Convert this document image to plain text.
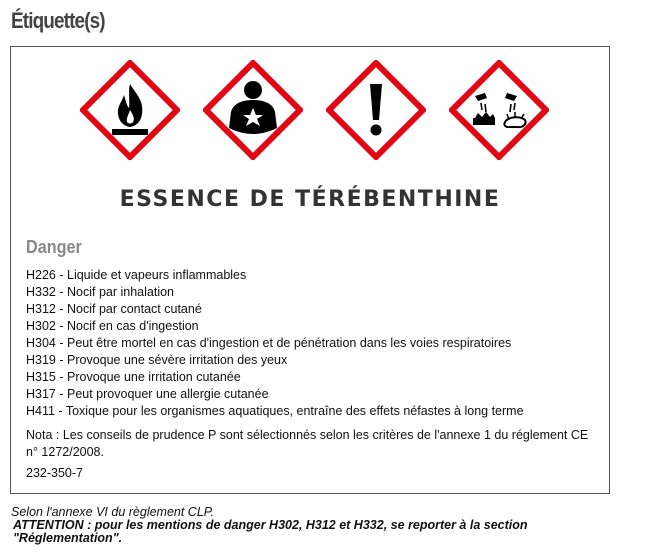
Étiquette(s)
ESSENCE DE TÉRÉBENTHINE
Danger
H226 - Liquide et vapeurs inflammables
H332 - Nocif par inhalation
H312 - Nocif par contact cutané
H302 - Nocif en cas d'ingestion
H304 - Peut être mortel en cas d'ingestion et de pénétration dans les voies respiratoires
H319 - Provoque une sévère irritation des yeux
H315 - Provoque une irritation cutanée
H317 - Peut provoquer une allergie cutanée
H411 - Toxique pour les organismes aquatiques, entraîne des effets néfastes à long terme
Nota : Les conseils de prudence P sont sélectionnés selon les critères de l'annexe 1 du réglement CE n° 1272/2008.
232-350-7
Selon l'annexe VI du règlement CLP.
ATTENTION : pour les mentions de danger H302, H312 et H332, se reporter à la section "Réglementation".
